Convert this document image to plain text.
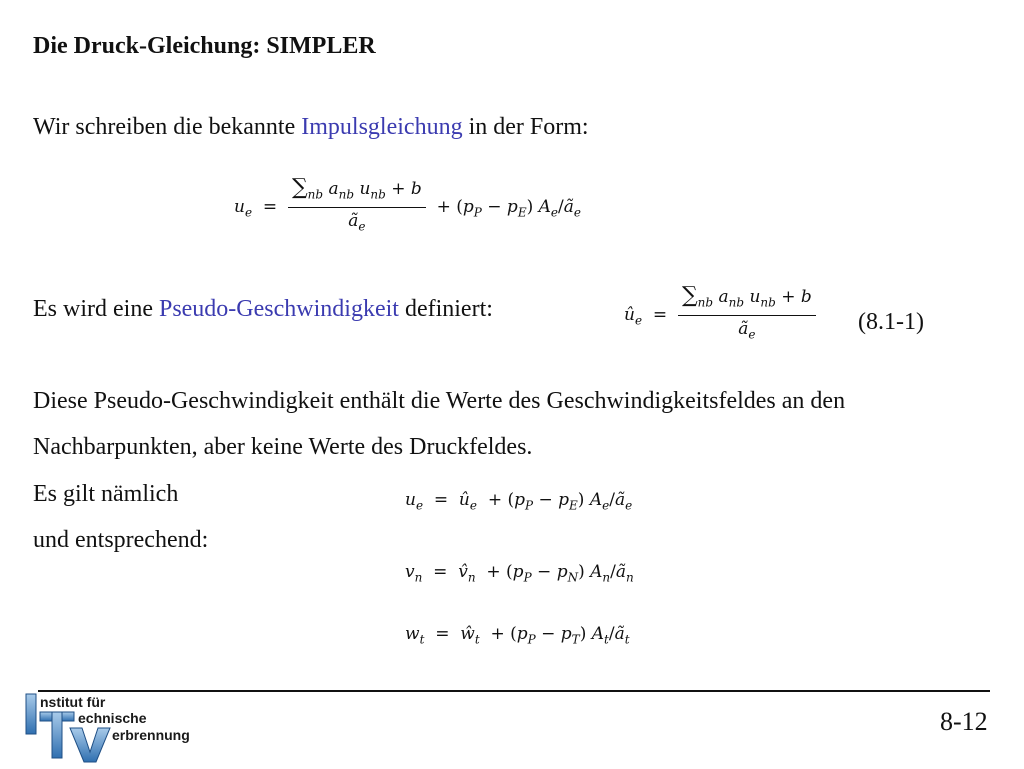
Die Druck-Gleichung: SIMPLER
Wir schreiben die bekannte Impulsgleichung in der Form:
$u_e = \frac{\sum_{nb} a_{nb} u_{nb} + b}{ã_e} + (p_P - p_E)$ $A_e/ã_e$
Es wird eine Pseudo-Geschwindigkeit definiert:	$û_e = \frac{\sum_{nb} a_{nb} u_{nb} + b}{ã_e} (8.1-1)$
Diese Pseudo-Geschwindigkeit enthält die Werte des Geschwindigkeitsfeldes an den
Nachbarpunkten, aber keine Werte des Druckfeldes.
Es gilt nämlich	$u_e$ =  $û_e + (p_P - p_E)$ $A_e/ã_e$
und entsprechend:
$v_n$ =  $v̂_n + (p_P - p_N)$ $A_n/ã_n$
$w_t$ =  $ŵ_t + (p_P - p_T)$ $A_t/ã_t$
nstitut für
echnische
erbrennung	8-12
